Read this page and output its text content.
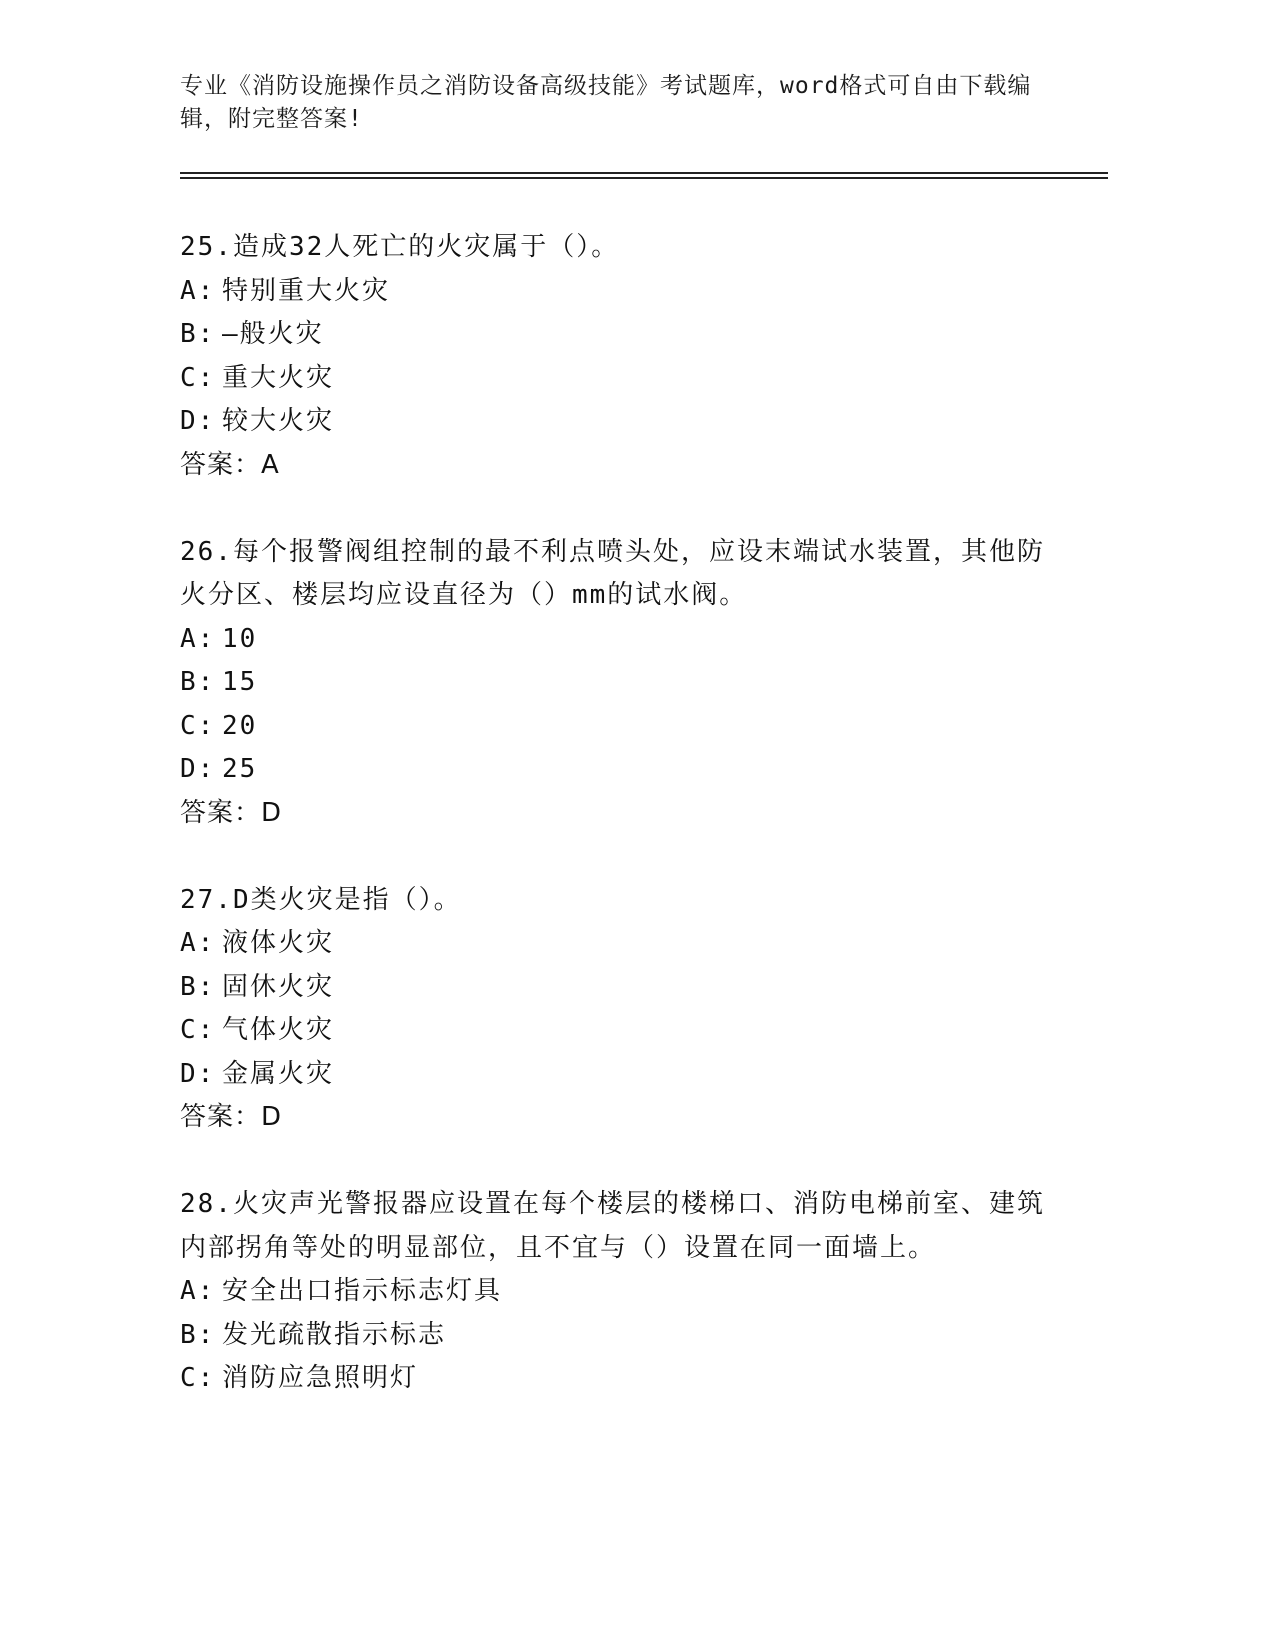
专业《消防设施操作员之消防设备高级技能》考试题库，word格式可自由下载编辑，附完整答案!

25.造成32人死亡的火灾属于（）。

A: 特别重大火灾

B: —般火灾

C: 重大火灾

D: 较大火灾

答案：A

26.每个报警阀组控制的最不利点喷头处，应设末端试水装置，其他防火分区、楼层均应设直径为（）mm的试水阀。

A: 10

B: 15

C: 20

D: 25

答案：D

27.D类火灾是指（）。

A: 液体火灾

B: 固休火灾

C: 气体火灾

D: 金属火灾

答案：D

28.火灾声光警报器应设置在每个楼层的楼梯口、消防电梯前室、建筑内部拐角等处的明显部位，且不宜与（）设置在同一面墙上。

A: 安全出口指示标志灯具

B: 发光疏散指示标志

C: 消防应急照明灯
